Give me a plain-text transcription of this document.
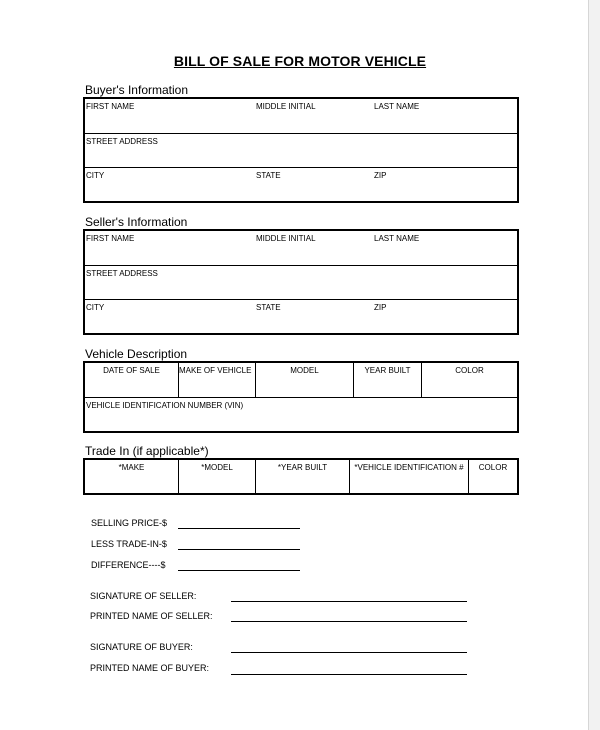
BILL OF SALE FOR MOTOR VEHICLE
Buyer's Information
FIRST NAME	MIDDLE INITIAL	LAST NAME
STREET ADDRESS
CITY	STATE	ZIP
Seller's Information
FIRST NAME	MIDDLE INITIAL	LAST NAME
STREET ADDRESS
CITY	STATE	ZIP
Vehicle Description
DATE OF SALE	MAKE OF VEHICLE	MODEL	YEAR BUILT	COLOR
VEHICLE IDENTIFICATION NUMBER (VIN)
Trade In (if applicable*)
*MAKE	*MODEL	*YEAR BUILT	*VEHICLE IDENTIFICATION #	COLOR
SELLING PRICE-$
LESS TRADE-IN-$
DIFFERENCE----$
SIGNATURE OF SELLER:
PRINTED NAME OF SELLER:
SIGNATURE OF BUYER:
PRINTED NAME OF BUYER:
